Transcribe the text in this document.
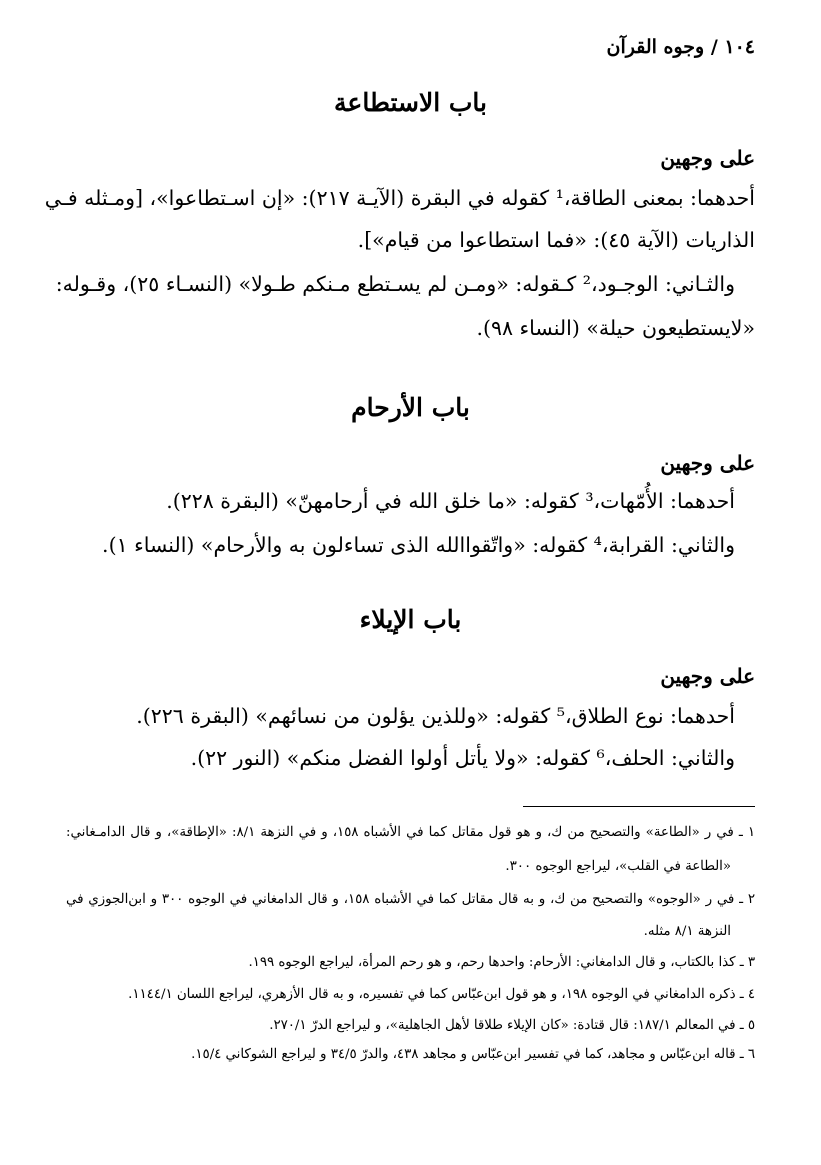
١٠٤ / وجوه القرآن
باب الاستطاعة
على وجهين
أحدهما: بمعنى الطاقة،¹ كقوله في البقرة (الآيـة ٢١٧): «إن اسـتطاعوا»، [ومـثله فـي
الذاريات (الآية ٤٥): «فما استطاعوا من قيام»].
والثـاني: الوجـود،² كـقوله: «ومـن لم يسـتطع مـنكم طـولا» (النسـاء ٢٥)، وقـوله:
«لايستطيعون حيلة» (النساء ٩٨).
باب الأرحام
على وجهين
أحدهما: الأُمّهات،³ كقوله: «ما خلق الله في أرحامهنّ» (البقرة ٢٢٨).
والثاني: القرابة،⁴ كقوله: «واتّقواالله الذى تساءلون به والأرحام» (النساء ١).
باب الإيلاء
على وجهين
أحدهما: نوع الطلاق،⁵ كقوله: «وللذين يؤلون من نسائهم» (البقرة ٢٢٦).
والثاني: الحلف،⁶ كقوله: «ولا يأتل أولوا الفضل منكم» (النور ٢٢).
١ ـ في ر «الطاعة» والتصحيح من ك، و هو قول مقاتل كما في الأشباه ١٥٨، و في النزهة ٨/١: «الإطاقة»، و قال الدامـغاني:
«الطاعة في القلب»، ليراجع الوجوه ٣٠٠.
٢ ـ في ر «الوجوه» والتصحيح من ك، و به قال مقاتل كما في الأشباه ١٥٨، و قال الدامغاني في الوجوه ٣٠٠ و ابن‌الجوزي في
النزهة ٨/١ مثله.
٣ ـ كذا بالكتاب، و قال الدامغاني: الأرحام: واحدها رحم، و هو رحم المرأة، ليراجع الوجوه ١٩٩.
٤ ـ ذكره الدامغاني في الوجوه ١٩٨، و هو قول ابن‌عبّاس كما في تفسيره، و به قال الأزهري، ليراجع اللسان ١١٤٤/١.
٥ ـ في المعالم ١٨٧/١: قال قتادة: «كان الإيلاء طلاقا لأهل الجاهلية»، و ليراجع الدرّ ٢٧٠/١.
٦ ـ قاله ابن‌عبّاس و مجاهد، كما في تفسير ابن‌عبّاس و مجاهد ٤٣٨، والدرّ ٣٤/٥ و ليراجع الشوكاني ١٥/٤.
